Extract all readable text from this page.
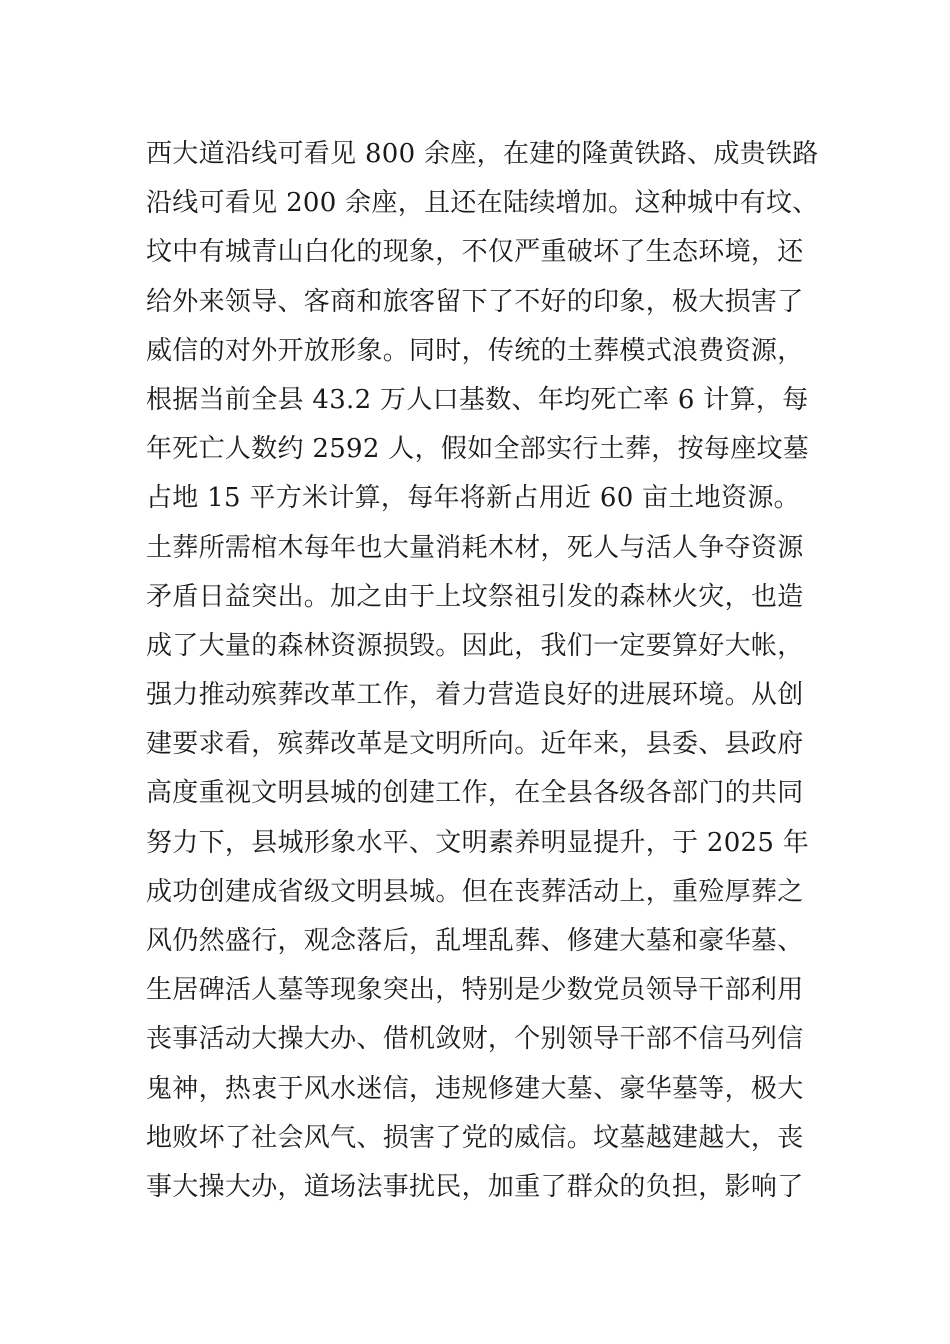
西大道沿线可看见 800 余座，在建的隆黄铁路、成贵铁路
沿线可看见 200 余座，且还在陆续增加。这种城中有坟、
坟中有城青山白化的现象，不仅严重破坏了生态环境，还
给外来领导、客商和旅客留下了不好的印象，极大损害了
威信的对外开放形象。同时，传统的土葬模式浪费资源，
根据当前全县 43.2 万人口基数、年均死亡率 6 计算，每
年死亡人数约 2592 人，假如全部实行土葬，按每座坟墓
占地 15 平方米计算，每年将新占用近 60 亩土地资源。
土葬所需棺木每年也大量消耗木材，死人与活人争夺资源
矛盾日益突出。加之由于上坟祭祖引发的森林火灾，也造
成了大量的森林资源损毁。因此，我们一定要算好大帐，
强力推动殡葬改革工作，着力营造良好的进展环境。从创
建要求看，殡葬改革是文明所向。近年来，县委、县政府
高度重视文明县城的创建工作，在全县各级各部门的共同
努力下，县城形象水平、文明素养明显提升，于 2025 年
成功创建成省级文明县城。但在丧葬活动上，重殓厚葬之
风仍然盛行，观念落后，乱埋乱葬、修建大墓和豪华墓、
生居碑活人墓等现象突出，特别是少数党员领导干部利用
丧事活动大操大办、借机敛财，个别领导干部不信马列信
鬼神，热衷于风水迷信，违规修建大墓、豪华墓等，极大
地败坏了社会风气、损害了党的威信。坟墓越建越大，丧
事大操大办，道场法事扰民，加重了群众的负担，影响了
